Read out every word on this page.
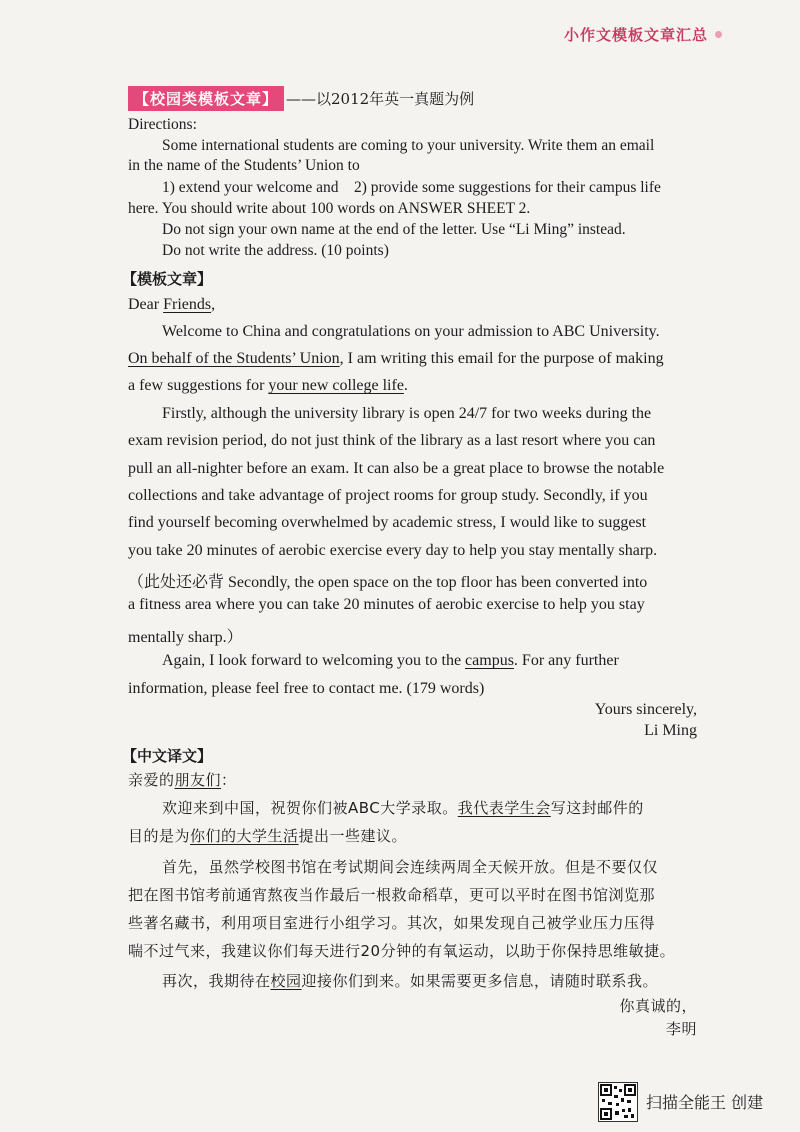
小作文模板文章汇总
【校园类模板文章】 ——以2012年英一真题为例
Directions:
Some international students are coming to your university. Write them an email
in the name of the Students’ Union to
1) extend your welcome and    2) provide some suggestions for their campus life
here. You should write about 100 words on ANSWER SHEET 2.
Do not sign your own name at the end of the letter. Use “Li Ming” instead.
Do not write the address. (10 points)
【模板文章】
Dear Friends,
Welcome to China and congratulations on your admission to ABC University.
On behalf of the Students’ Union, I am writing this email for the purpose of making
a few suggestions for your new college life.
Firstly, although the university library is open 24/7 for two weeks during the
exam revision period, do not just think of the library as a last resort where you can
pull an all-nighter before an exam. It can also be a great place to browse the notable
collections and take advantage of project rooms for group study. Secondly, if you
find yourself becoming overwhelmed by academic stress, I would like to suggest
you take 20 minutes of aerobic exercise every day to help you stay mentally sharp.
（此处还必背 Secondly, the open space on the top floor has been converted into
a fitness area where you can take 20 minutes of aerobic exercise to help you stay
mentally sharp.）
Again, I look forward to welcoming you to the campus. For any further
information, please feel free to contact me. (179 words)
Yours sincerely,
Li Ming
【中文译文】
亲爱的朋友们：
欢迎来到中国，祝贺你们被ABC大学录取。我代表学生会写这封邮件的
目的是为你们的大学生活提出一些建议。
首先，虽然学校图书馆在考试期间会连续两周全天候开放。但是不要仅仅
把在图书馆考前通宵熬夜当作最后一根救命稻草，更可以平时在图书馆浏览那
些著名藏书，利用项目室进行小组学习。其次，如果发现自己被学业压力压得
喘不过气来，我建议你们每天进行20分钟的有氧运动，以助于你保持思维敏捷。
再次，我期待在校园迎接你们到来。如果需要更多信息，请随时联系我。
你真诚的，
李明
扫描全能王 创建
